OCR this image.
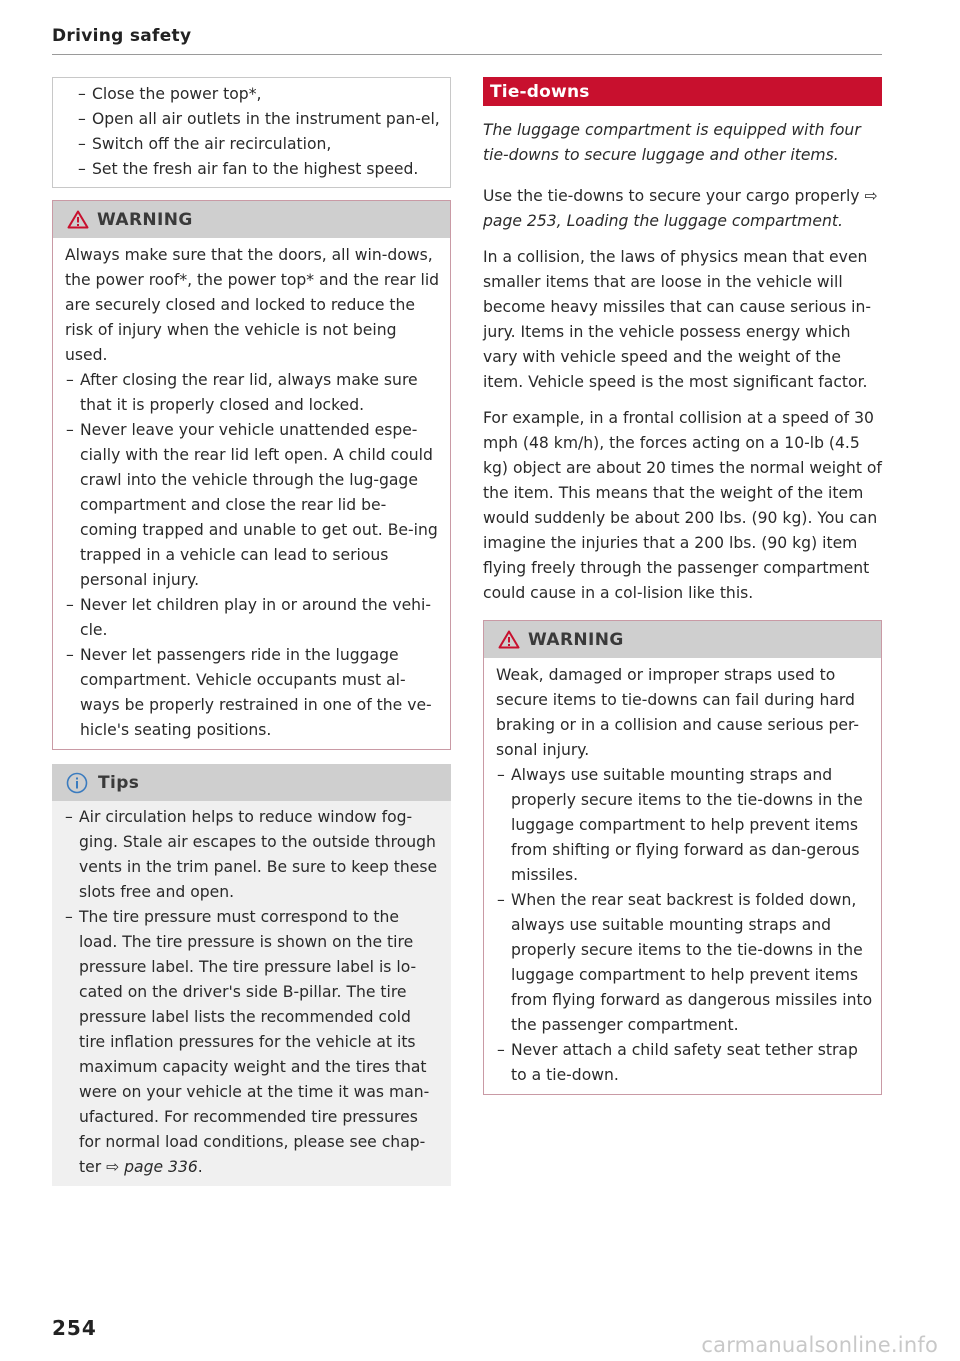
Driving safety
– Close the power top*,
– Open all air outlets in the instrument pan-el,
– Switch off the air recirculation,
– Set the fresh air fan to the highest speed.
WARNING

Always make sure that the doors, all win-dows, the power roof*, the power top* and the rear lid are securely closed and locked to reduce the risk of injury when the vehicle is not being used.

– After closing the rear lid, always make sure that it is properly closed and locked.
– Never leave your vehicle unattended espe-cially with the rear lid left open. A child could crawl into the vehicle through the lug-gage compartment and close the rear lid be-coming trapped and unable to get out. Be-ing trapped in a vehicle can lead to serious personal injury.
– Never let children play in or around the vehi-cle.
– Never let passengers ride in the luggage compartment. Vehicle occupants must al-ways be properly restrained in one of the ve-hicle's seating positions.
Tips
– Air circulation helps to reduce window fog-ging. Stale air escapes to the outside through vents in the trim panel. Be sure to keep these slots free and open.
– The tire pressure must correspond to the load. The tire pressure is shown on the tire pressure label. The tire pressure label is lo-cated on the driver's side B-pillar. The tire pressure label lists the recommended cold tire inflation pressures for the vehicle at its maximum capacity weight and the tires that were on your vehicle at the time it was man-ufactured. For recommended tire pressures for normal load conditions, please see chap-ter ⇨ page 336.
Tie-downs

The luggage compartment is equipped with four tie-downs to secure luggage and other items.

Use the tie-downs to secure your cargo properly ⇨ page 253, Loading the luggage compartment.

In a collision, the laws of physics mean that even smaller items that are loose in the vehicle will become heavy missiles that can cause serious in-jury. Items in the vehicle possess energy which vary with vehicle speed and the weight of the item. Vehicle speed is the most significant factor.

For example, in a frontal collision at a speed of 30 mph (48 km/h), the forces acting on a 10-lb (4.5 kg) object are about 20 times the normal weight of the item. This means that the weight of the item would suddenly be about 200 lbs. (90 kg). You can imagine the injuries that a 200 lbs. (90 kg) item flying freely through the passenger compartment could cause in a col-lision like this.

WARNING

Weak, damaged or improper straps used to secure items to tie-downs can fail during hard braking or in a collision and cause serious per-sonal injury.

– Always use suitable mounting straps and properly secure items to the tie-downs in the luggage compartment to help prevent items from shifting or flying forward as dan-gerous missiles.
– When the rear seat backrest is folded down, always use suitable mounting straps and properly secure items to the tie-downs in the luggage compartment to help prevent items from flying forward as dangerous missiles into the passenger compartment.
– Never attach a child safety seat tether strap to a tie-down.
254
carmanualsonline.info
